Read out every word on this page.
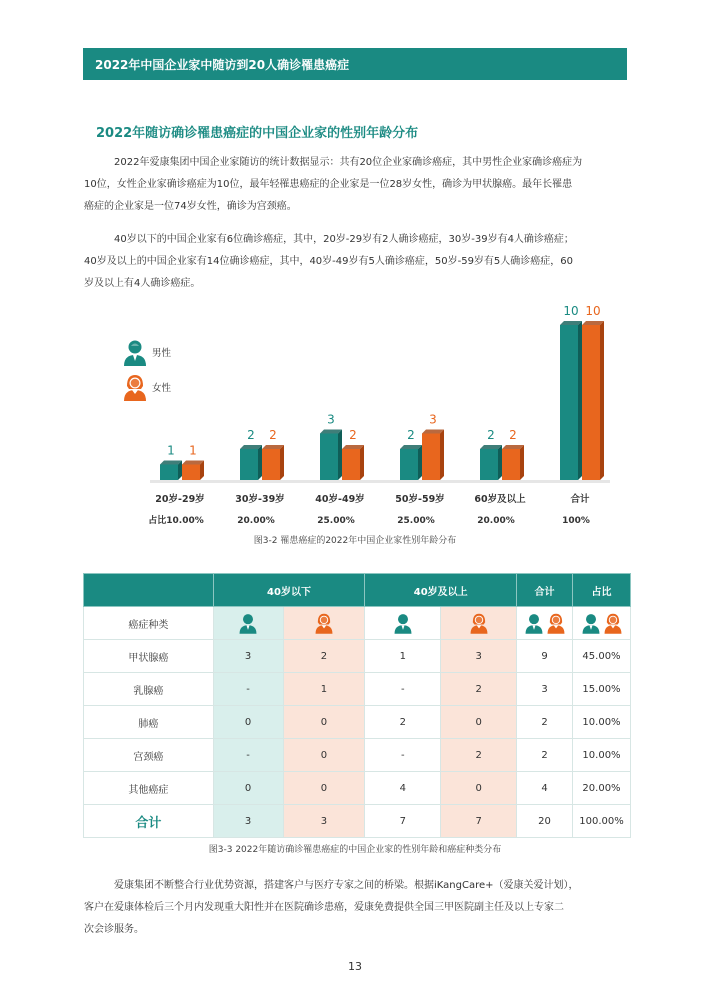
2022年中国企业家中随访到20人确诊罹患癌症
2022年随访确诊罹患癌症的中国企业家的性别年龄分布
2022年爱康集团中国企业家随访的统计数据显示：共有20位企业家确诊癌症，其中男性企业家确诊癌症为
10位，女性企业家确诊癌症为10位，最年轻罹患癌症的企业家是一位28岁女性，确诊为甲状腺癌。最年长罹患
癌症的企业家是一位74岁女性，确诊为宫颈癌。
40岁以下的中国企业家有6位确诊癌症，其中，20岁-29岁有2人确诊癌症，30岁-39岁有4人确诊癌症；
40岁及以上的中国企业家有14位确诊癌症，其中，40岁-49岁有5人确诊癌症，50岁-59岁有5人确诊癌症，60
岁及以上有4人确诊癌症。
男性
女性
1 1
20岁-29岁
占比10.00%
2 2
30岁-39岁
20.00%
3
2
40岁-49岁
25.00%
2
3
50岁-59岁
25.00%
2 2
60岁及以上
20.00%
10 10
合计
100%
图3-2 罹患癌症的2022年中国企业家性别年龄分布
	40岁以下		40岁及以上		合计	占比
癌症种类	

甲状腺癌	3	2	1	3	9	45.00%
乳腺癌	-	1	-	2	3	15.00%
肺癌	0	0	2	0	2	10.00%
宫颈癌	-	0	-	2	2	10.00%
其他癌症	0	0	4	0	4	20.00%
合计	3	3	7	7	20	100.00%
图3-3 2022年随访确诊罹患癌症的中国企业家的性别年龄和癌症种类分布
爱康集团不断整合行业优势资源，搭建客户与医疗专家之间的桥梁。根据iKangCare+（爱康关爱计划），
客户在爱康体检后三个月内发现重大阳性并在医院确诊患癌，爱康免费提供全国三甲医院副主任及以上专家二
次会诊服务。
13
